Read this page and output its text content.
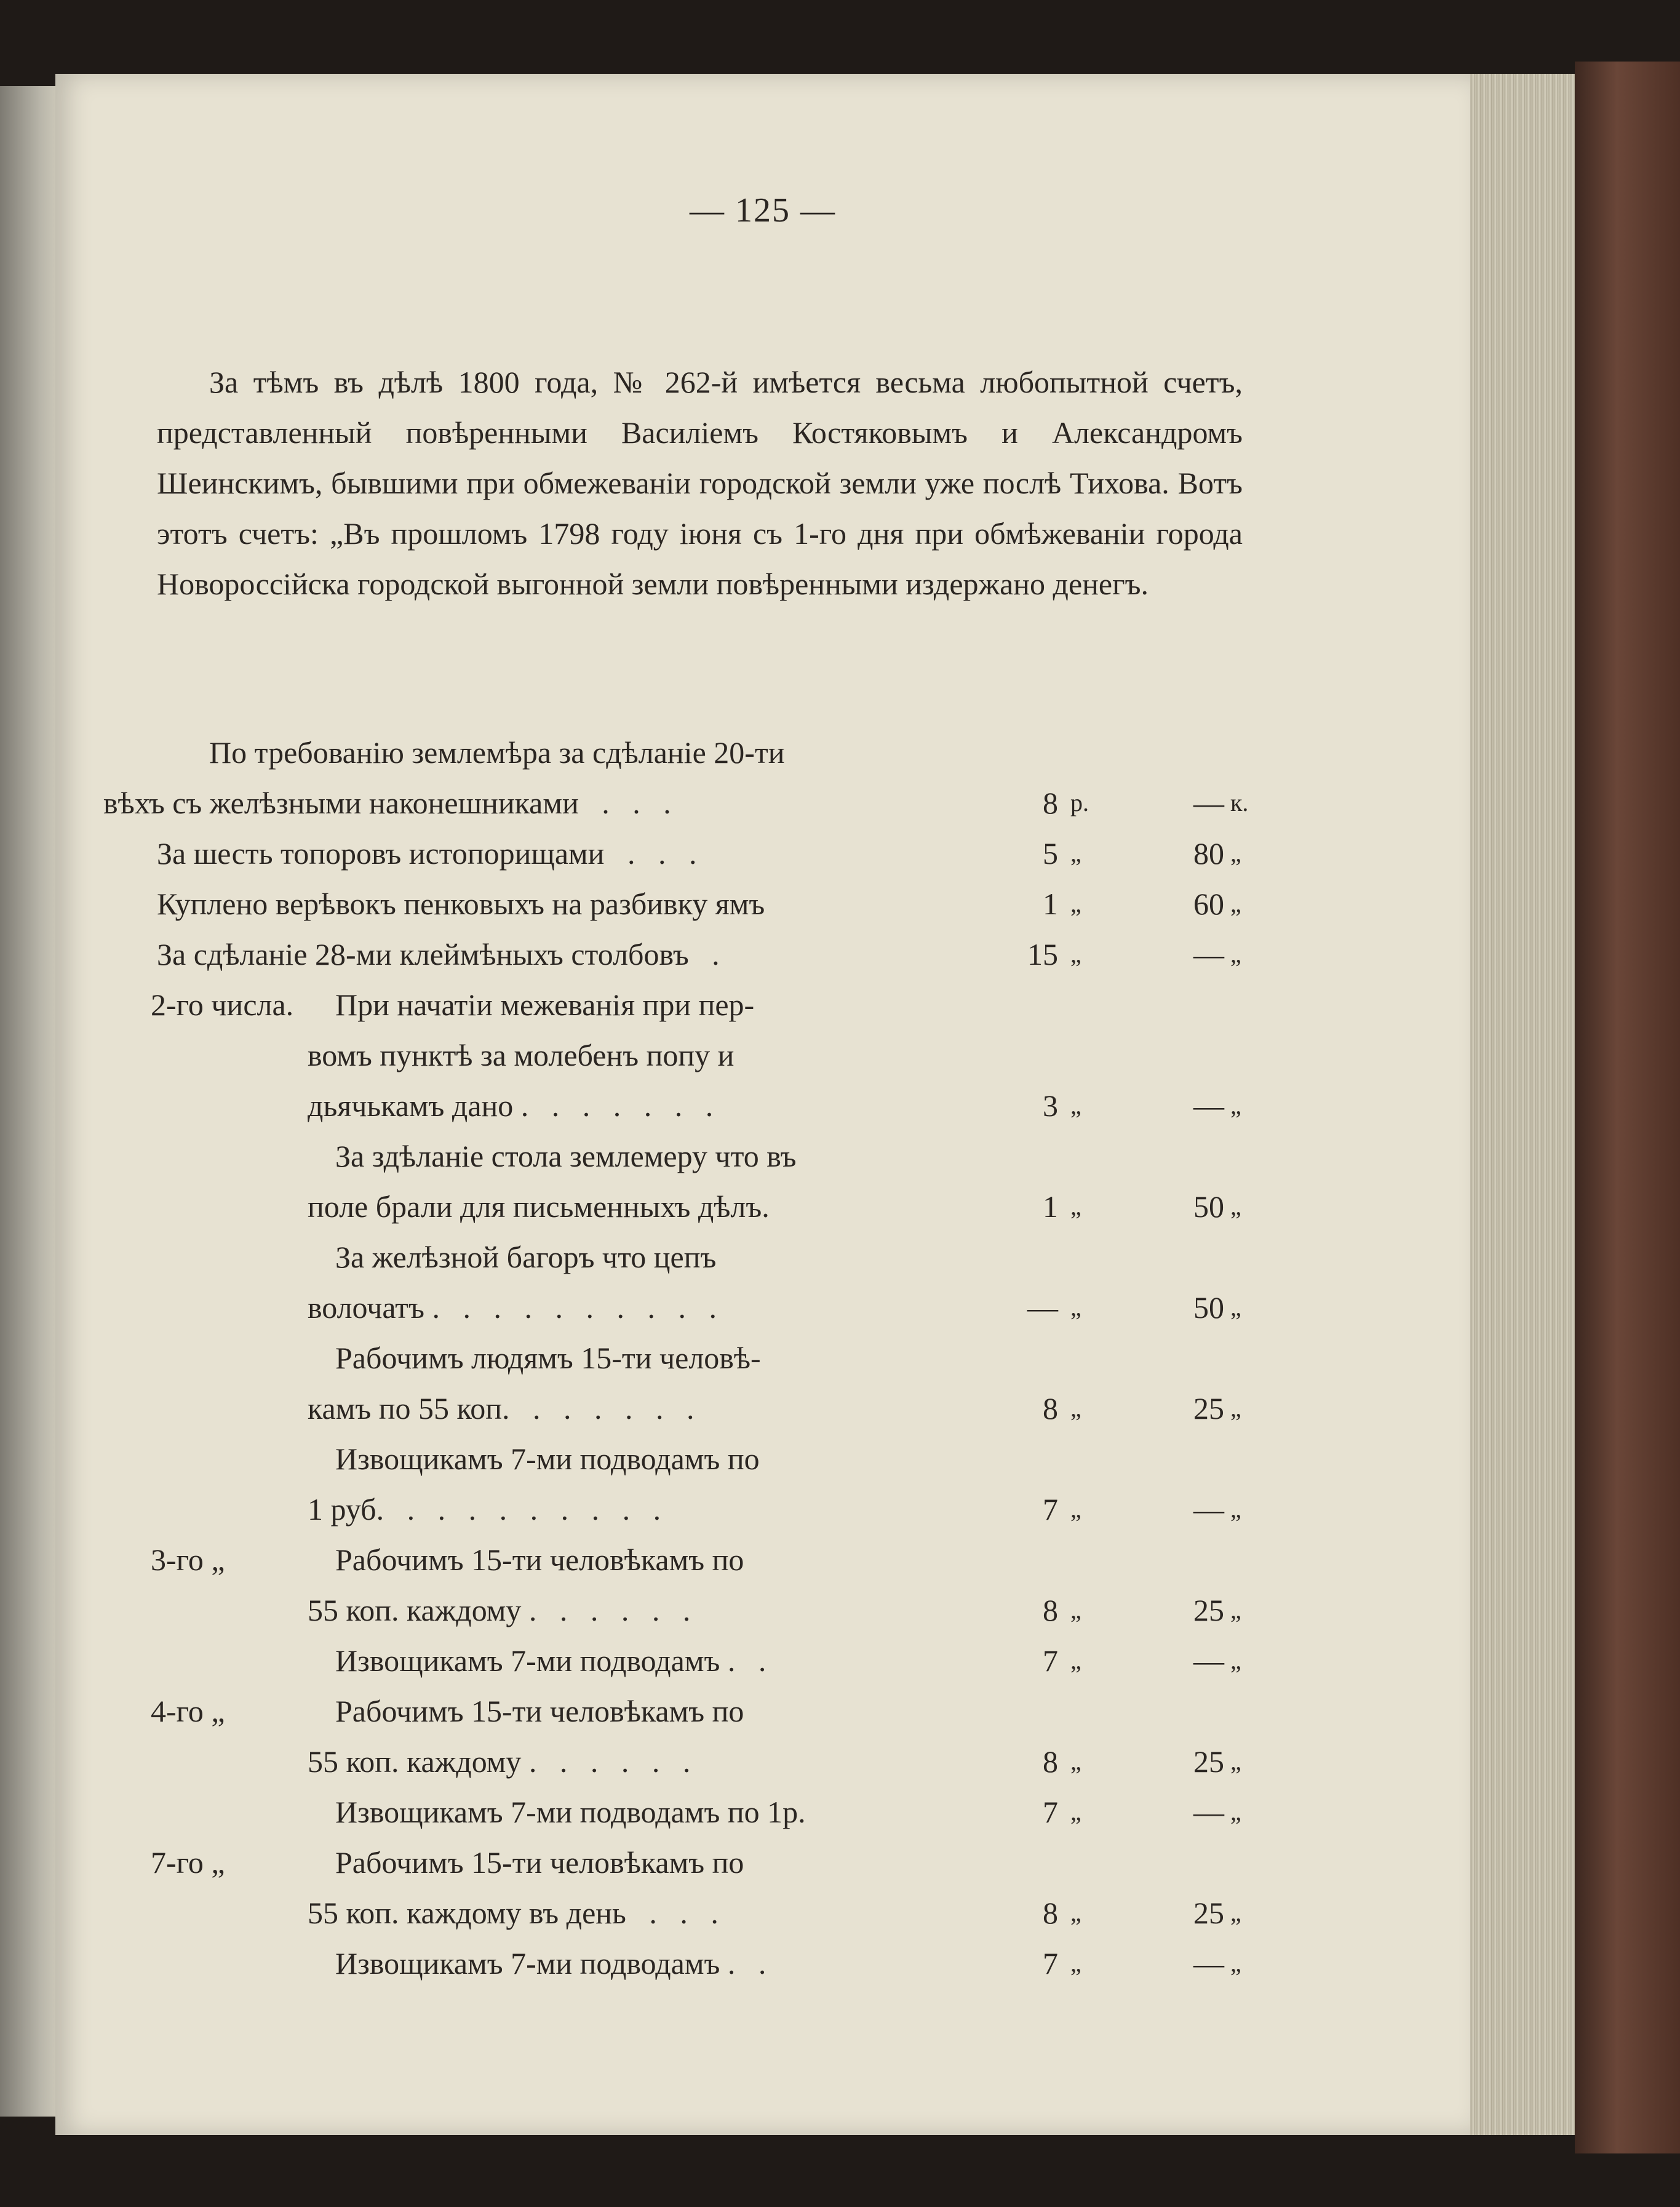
— 125 —

За тѣмъ въ дѣлѣ 1800 года, № 262-й имѣется весьма любопытной счетъ, представленный повѣренными Василіемъ Костяковымъ и Александромъ Шеинскимъ, бывшими при обмежеваніи городской земли уже послѣ Тихова. Вотъ этотъ счетъ: „Въ прошломъ 1798 году іюня съ 1-го дня при обмѣжеваніи города Новороссійска городской выгонной земли повѣренными издержано денегъ.

По требованію землемѣра за сдѣланіе 20-ти
вѣхъ съ желѣзными наконешниками   .   .   .	8 р.	— к.
За шесть топоровъ истопорищами   .   .   .	5 „	80 „
Куплено верѣвокъ пенковыхъ на разбивку ямъ	1 „	60 „
За сдѣланіе 28-ми клеймѣныхъ столбовъ   .	15 „	— „
2-го числа. При начатіи межеванія при пер-
вомъ пунктѣ за молебенъ попу и
дьячькамъ дано .   .   .   .   .   .   .	3 „	— „
За здѣланіе стола землемеру что въ
поле брали для письменныхъ дѣлъ.	1 „	50 „
За желѣзной багоръ что цепъ
волочатъ .   .   .   .   .   .   .   .   .   .	— „	50 „
Рабочимъ людямъ 15-ти человѣ-
камъ по 55 коп.   .   .   .   .   .   .	8 „	25 „
Извощикамъ 7-ми подводамъ по
1 руб.   .   .   .   .   .   .   .   .   .	7 „	— „
3-го „	Рабочимъ 15-ти человѣкамъ по
55 коп. каждому .   .   .   .   .   .	8 „	25 „
Извощикамъ 7-ми подводамъ .   .	7 „	— „
4-го „	Рабочимъ 15-ти человѣкамъ по
55 коп. каждому .   .   .   .   .   .	8 „	25 „
Извощикамъ 7-ми подводамъ по 1р.	7 „	— „
7-го „	Рабочимъ 15-ти человѣкамъ по
55 коп. каждому въ день   .   .   .	8 „	25 „
Извощикамъ 7-ми подводамъ .   .	7 „	— „
